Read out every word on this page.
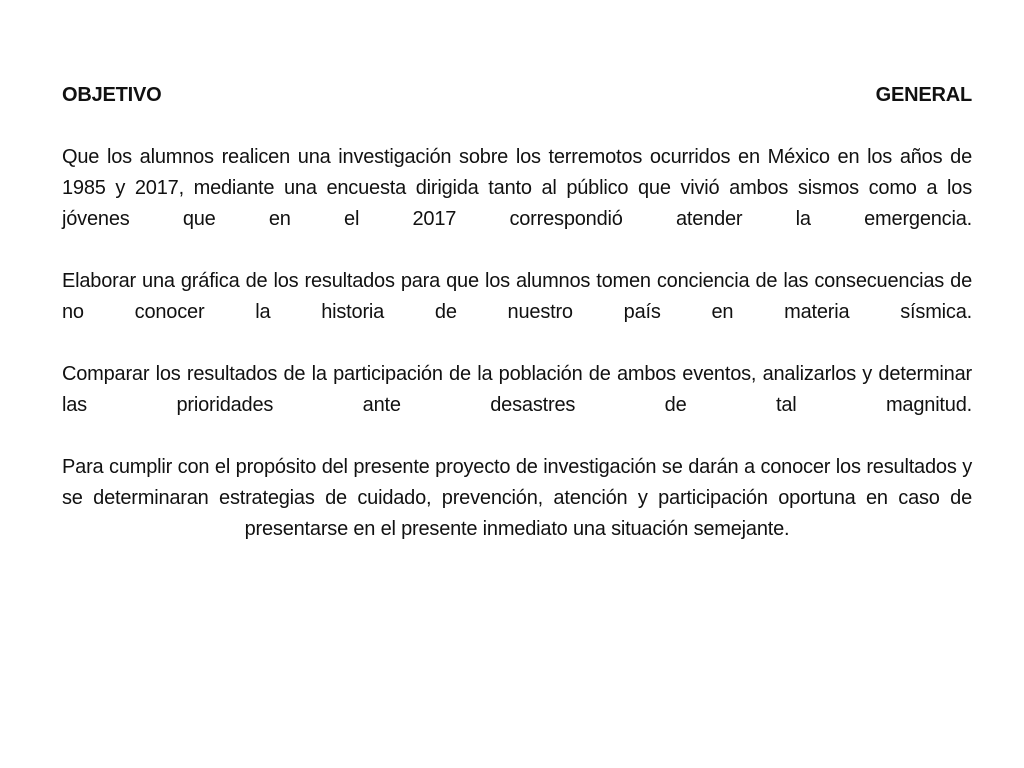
OBJETIVO	GENERAL

Que los alumnos realicen una investigación sobre los terremotos ocurridos en México en los años de 1985 y 2017, mediante una encuesta dirigida tanto al público que vivió ambos sismos como a los jóvenes que en el 2017 correspondió atender la emergencia.

Elaborar una gráfica de los resultados para que los alumnos tomen conciencia de las consecuencias de no conocer la historia de nuestro país en materia sísmica.

Comparar los resultados de la participación de la población de ambos eventos, analizarlos y determinar las prioridades ante desastres de tal magnitud.

Para cumplir con el propósito del presente proyecto de investigación se darán a conocer los resultados y se determinaran estrategias de cuidado, prevención, atención y participación oportuna en caso de presentarse en el presente inmediato una situación semejante.
